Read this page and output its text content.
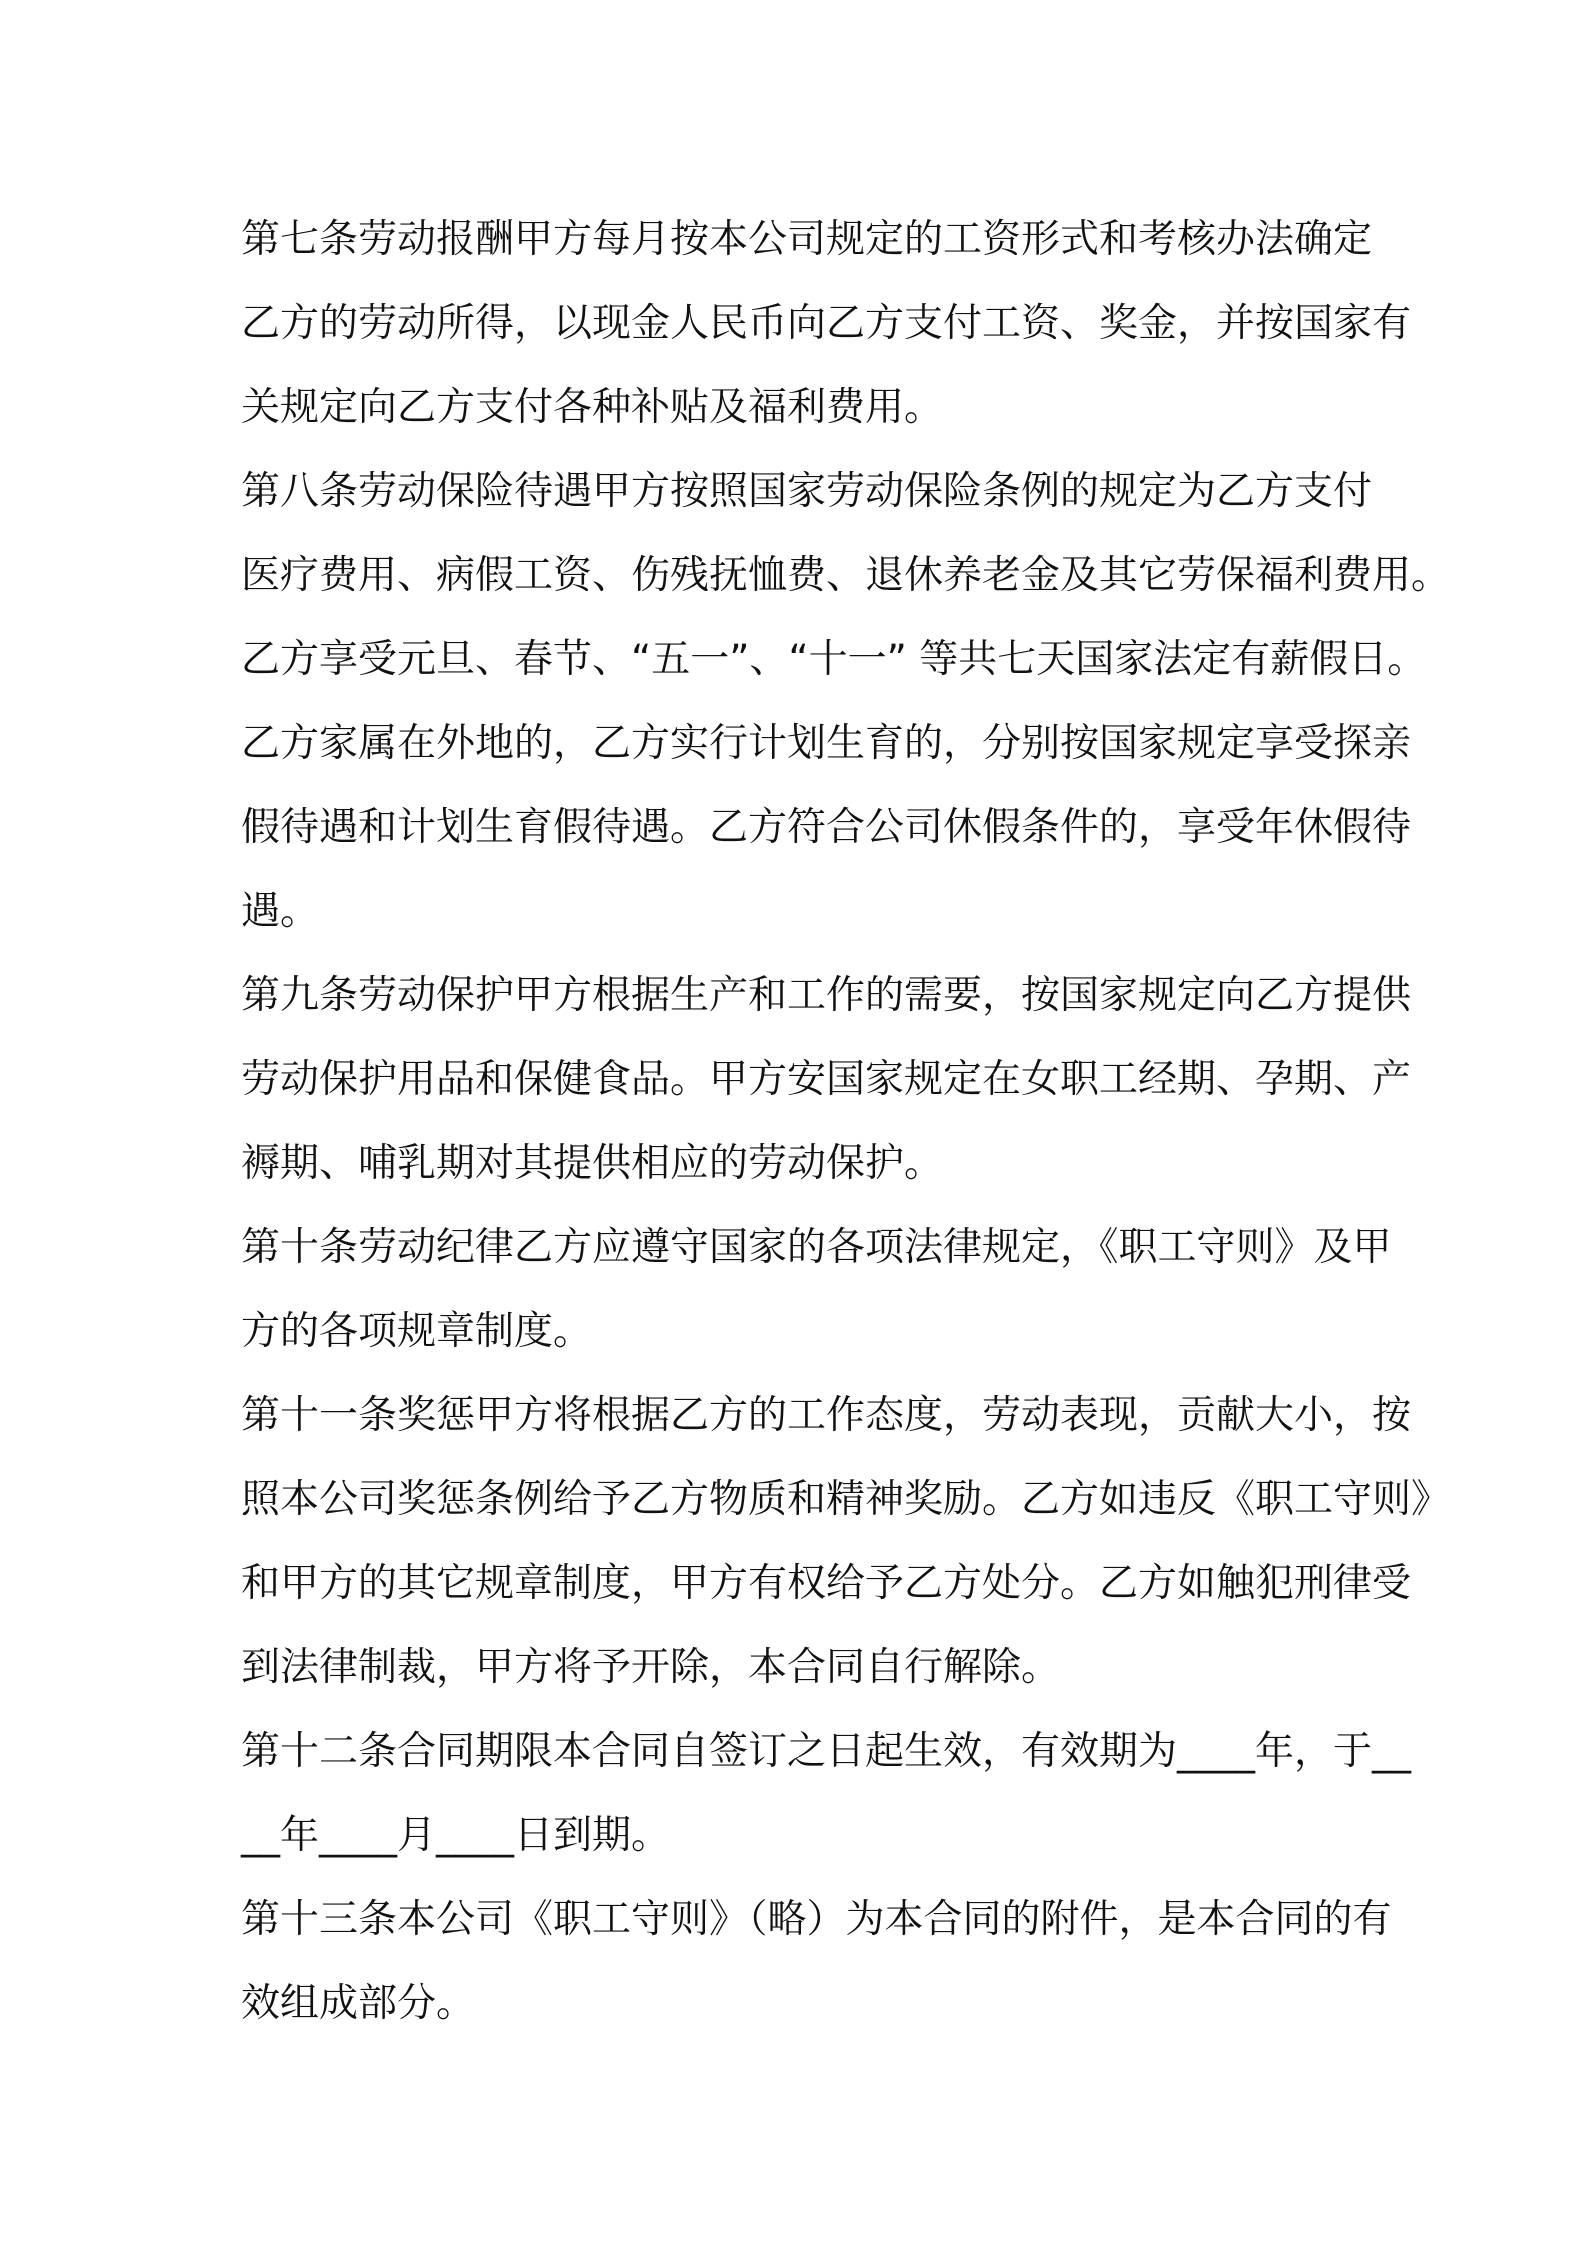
第七条劳动报酬甲方每月按本公司规定的工资形式和考核办法确定
乙方的劳动所得，以现金人民币向乙方支付工资、奖金，并按国家有
关规定向乙方支付各种补贴及福利费用。
第八条劳动保险待遇甲方按照国家劳动保险条例的规定为乙方支付
医疗费用、病假工资、伤残抚恤费、退休养老金及其它劳保福利费用。
乙方享受元旦、春节、“五一”、“十一” 等共七天国家法定有薪假日。
乙方家属在外地的，乙方实行计划生育的，分别按国家规定享受探亲
假待遇和计划生育假待遇。乙方符合公司休假条件的，享受年休假待
遇。
第九条劳动保护甲方根据生产和工作的需要，按国家规定向乙方提供
劳动保护用品和保健食品。甲方安国家规定在女职工经期、孕期、产
褥期、哺乳期对其提供相应的劳动保护。
第十条劳动纪律乙方应遵守国家的各项法律规定，《职工守则》及甲
方的各项规章制度。
第十一条奖惩甲方将根据乙方的工作态度，劳动表现，贡献大小，按
照本公司奖惩条例给予乙方物质和精神奖励。乙方如违反《职工守则》
和甲方的其它规章制度，甲方有权给予乙方处分。乙方如触犯刑律受
到法律制裁，甲方将予开除，本合同自行解除。
第十二条合同期限本合同自签订之日起生效，有效期为____年，于__
__年____月____日到期。
第十三条本公司《职工守则》（略）为本合同的附件，是本合同的有
效组成部分。
